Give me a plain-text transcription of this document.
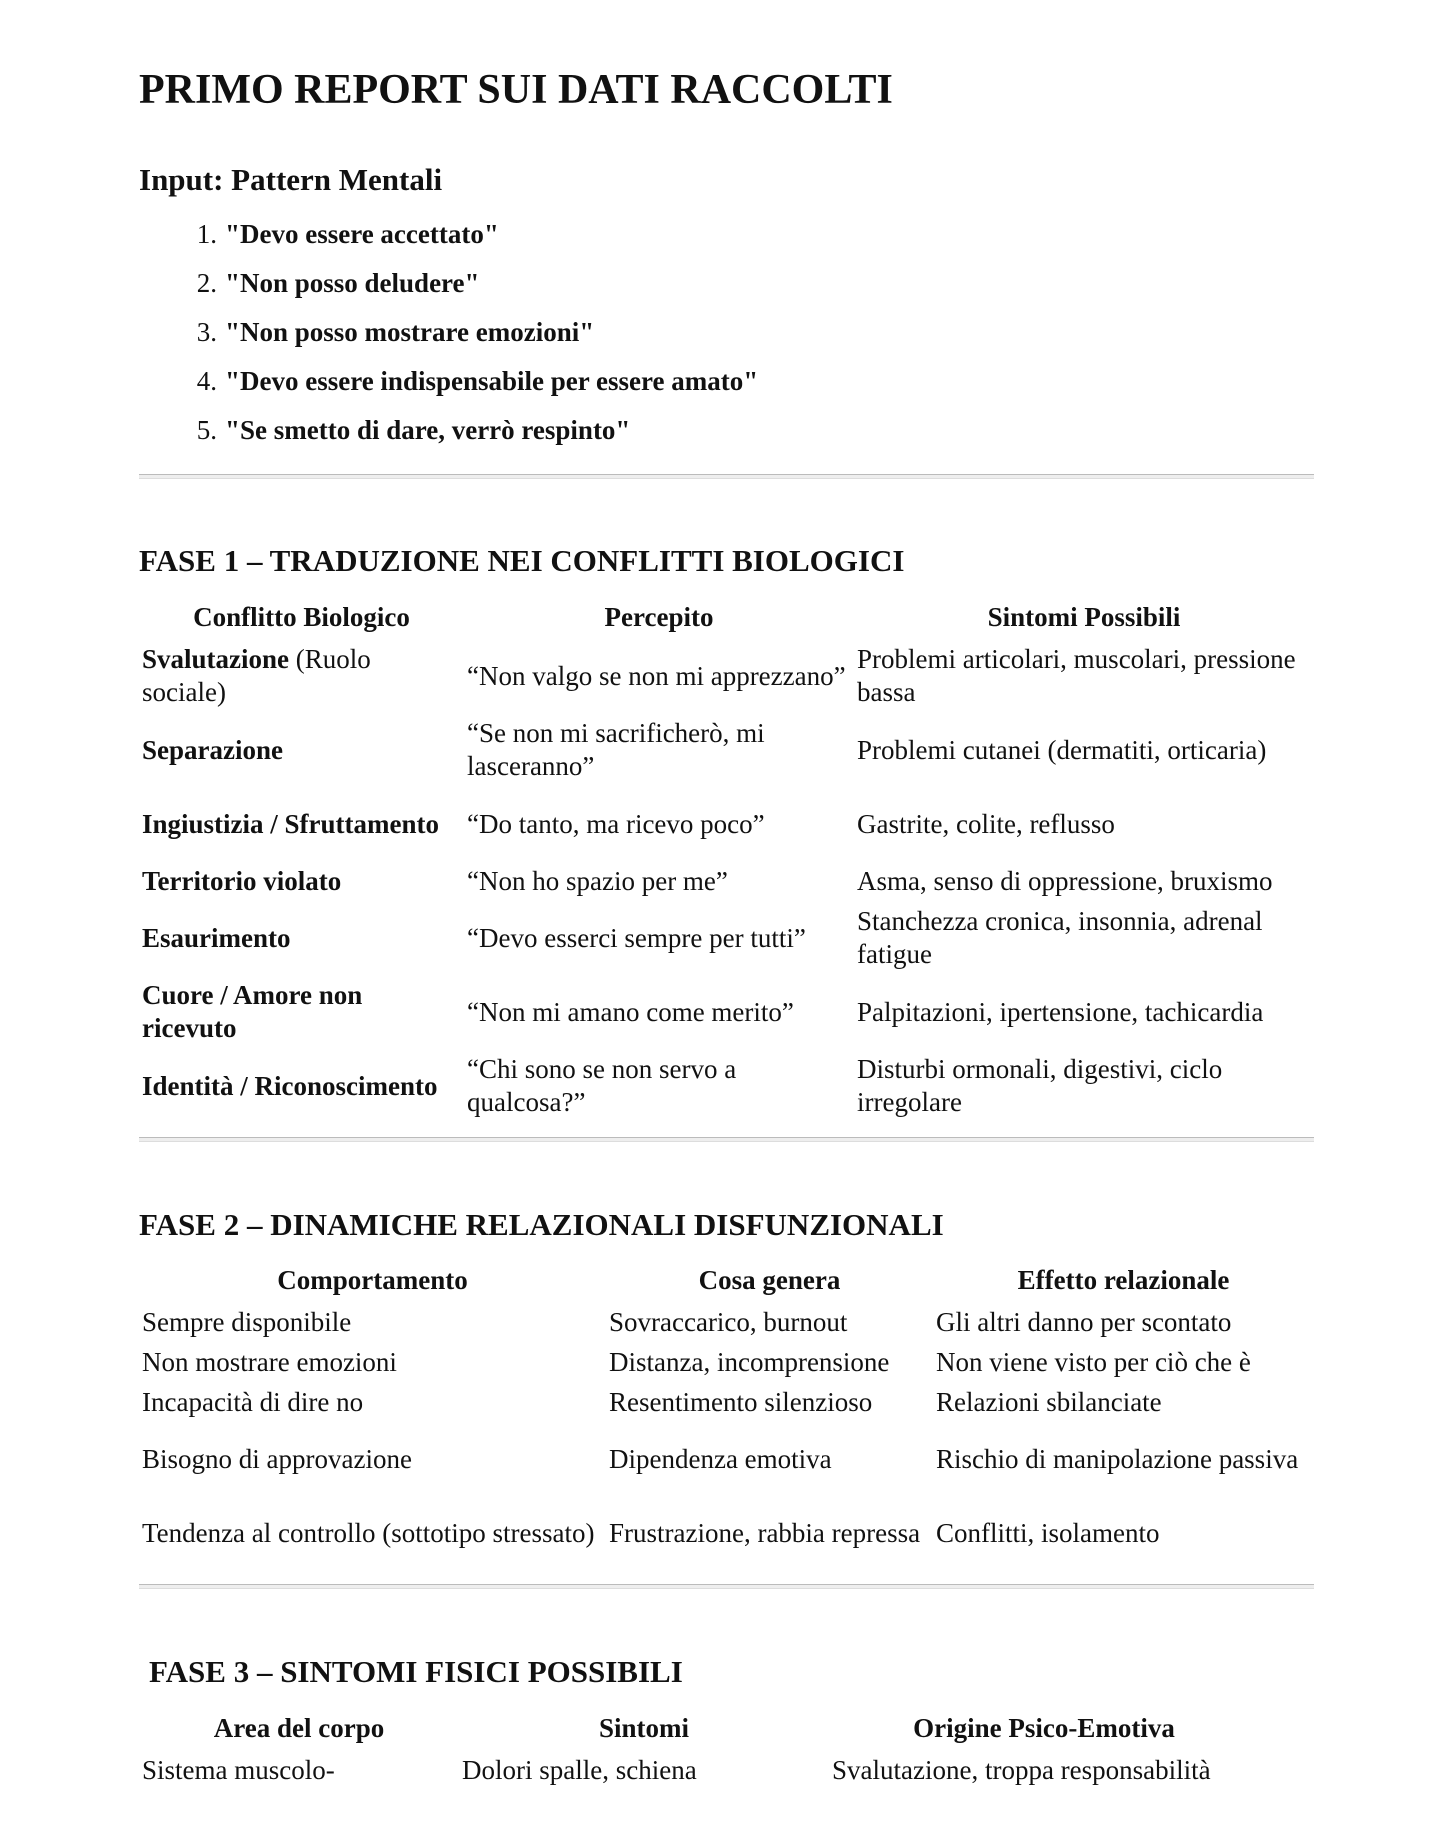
PRIMO REPORT SUI DATI RACCOLTI
Input: Pattern Mentali
1. "Devo essere accettato"
2. "Non posso deludere"
3. "Non posso mostrare emozioni"
4. "Devo essere indispensabile per essere amato"
5. "Se smetto di dare, verrò respinto"
FASE 1 – TRADUZIONE NEI CONFLITTI BIOLOGICI
Conflitto Biologico	Percepito	Sintomi Possibili
Svalutazione (Ruolo sociale)	“Non valgo se non mi apprezzano”	Problemi articolari, muscolari, pressione bassa
Separazione	“Se non mi sacrificherò, mi lasceranno”	Problemi cutanei (dermatiti, orticaria)
Ingiustizia / Sfruttamento	“Do tanto, ma ricevo poco”	Gastrite, colite, reflusso
Territorio violato	“Non ho spazio per me”	Asma, senso di oppressione, bruxismo
Esaurimento	“Devo esserci sempre per tutti”	Stanchezza cronica, insonnia, adrenal fatigue
Cuore / Amore non ricevuto	“Non mi amano come merito”	Palpitazioni, ipertensione, tachicardia
Identità / Riconoscimento	“Chi sono se non servo a qualcosa?”	Disturbi ormonali, digestivi, ciclo irregolare
FASE 2 – DINAMICHE RELAZIONALI DISFUNZIONALI
Comportamento	Cosa genera	Effetto relazionale
Sempre disponibile	Sovraccarico, burnout	Gli altri danno per scontato
Non mostrare emozioni	Distanza, incomprensione	Non viene visto per ciò che è
Incapacità di dire no	Resentimento silenzioso	Relazioni sbilanciate
Bisogno di approvazione	Dipendenza emotiva	Rischio di manipolazione passiva
Tendenza al controllo (sottotipo stressato)	Frustrazione, rabbia repressa	Conflitti, isolamento
FASE 3 – SINTOMI FISICI POSSIBILI
Area del corpo	Sintomi	Origine Psico-Emotiva
Sistema muscolo-	Dolori spalle, schiena	Svalutazione, troppa responsabilità
